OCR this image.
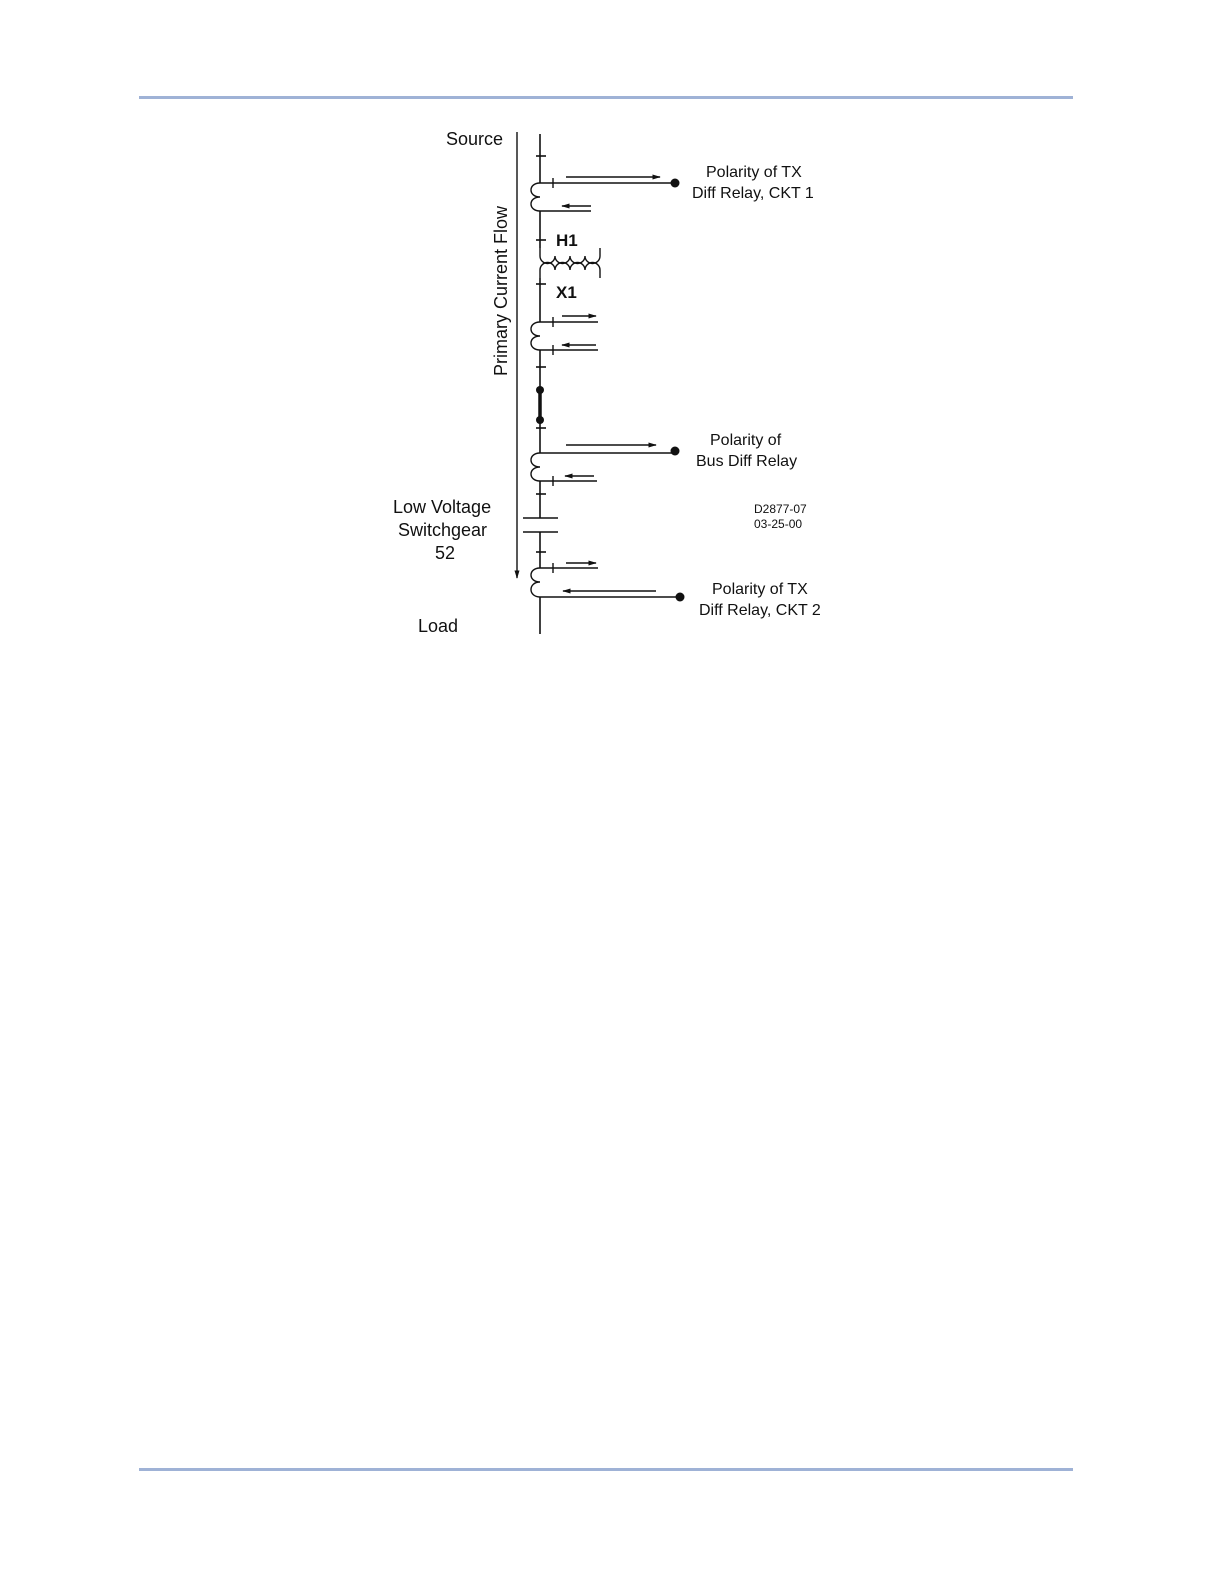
Primary Current Flow
Source
Load
H1
X1
Polarity of TX
Diff Relay, CKT 1
Polarity of
Bus Diff Relay
Low Voltage
Switchgear
52
D2877-07
03-25-00
Polarity of TX
Diff Relay, CKT 2
